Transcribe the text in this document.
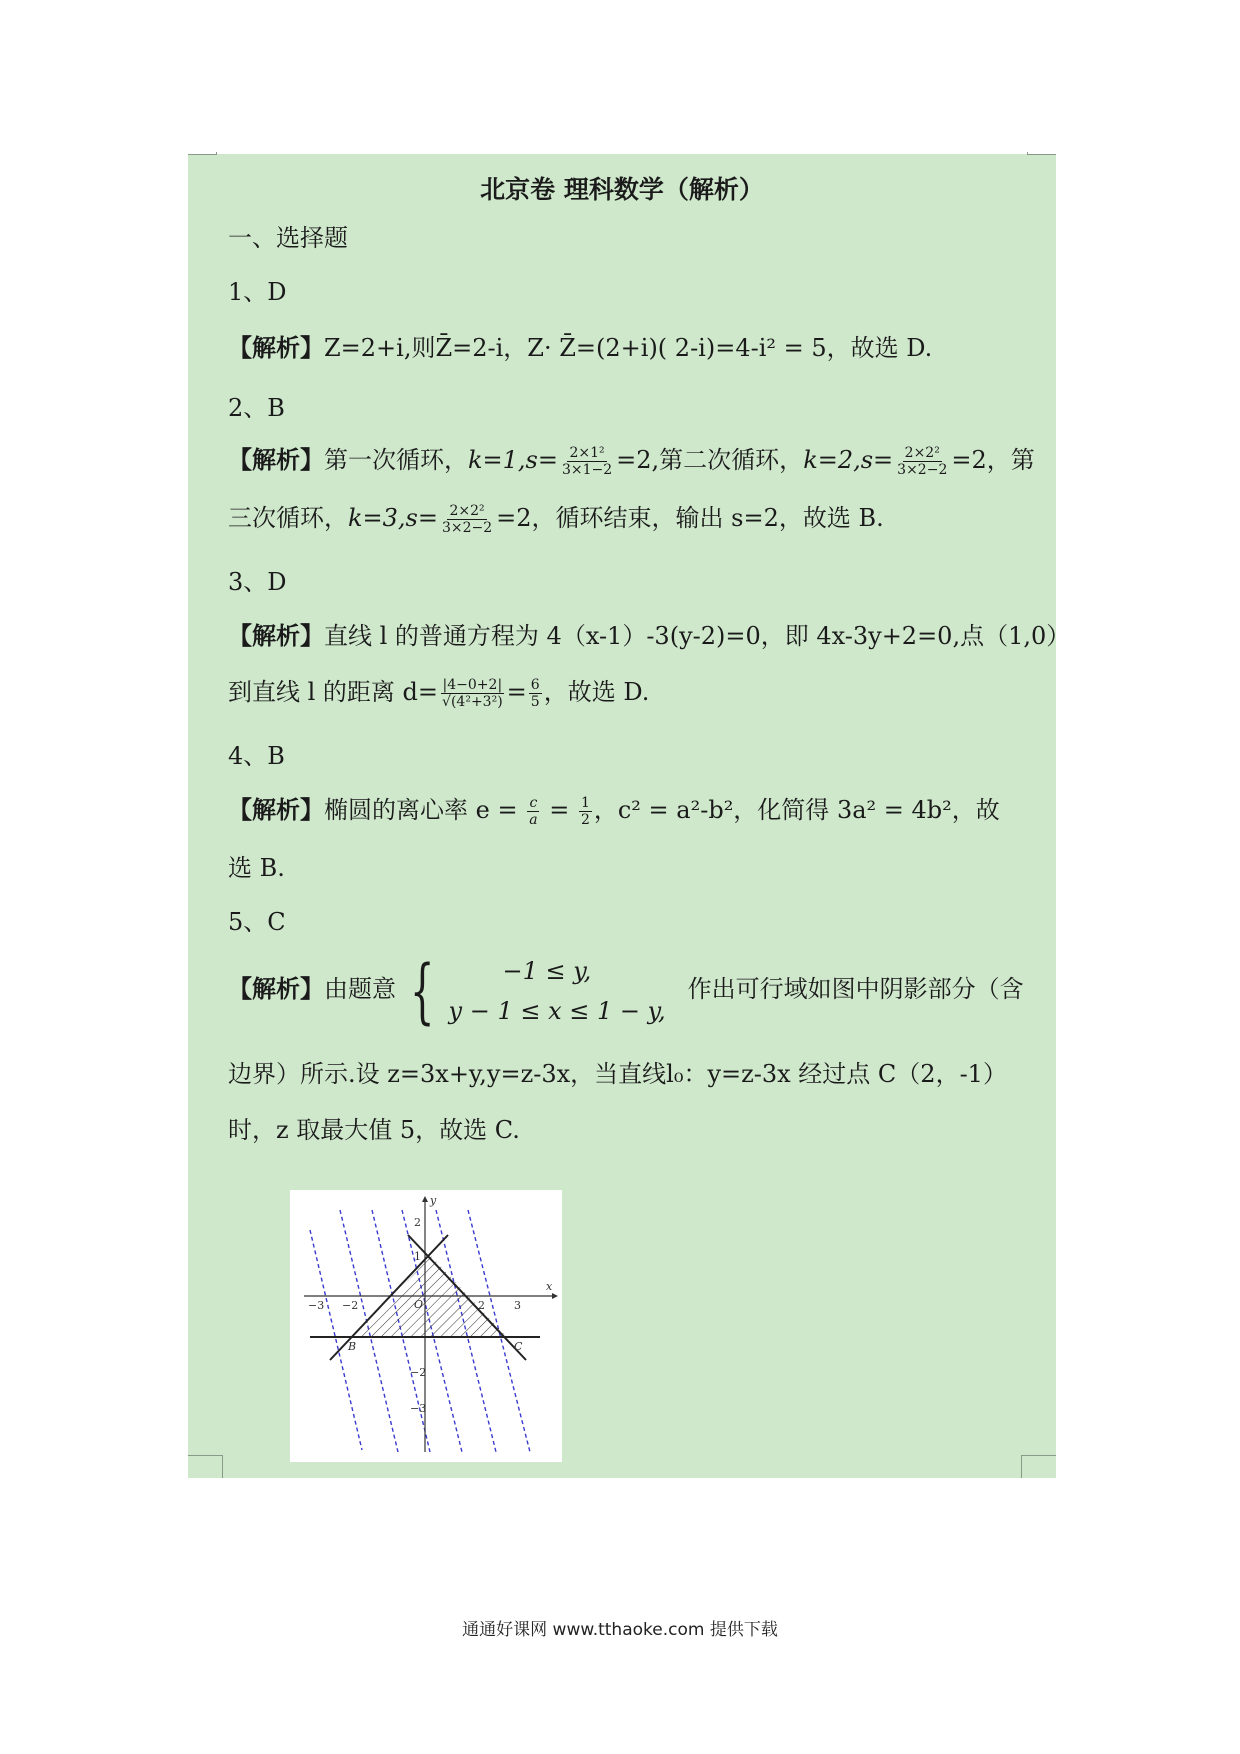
北京卷 理科数学（解析）
一、选择题
1、D
【解析】Z=2+i,则Z̄=2-i，Z· Z̄=(2+i)( 2-i)=4-i² = 5，故选 D.
2、B
【解析】第一次循环，$k=1,s= \frac{\text{2×1²}}{3\times 1-2} =2$,第二次循环，$k=2,s= \frac{\text{2×2²}}{3\times 2-2} =2$，第
三次循环，$k=3,s= \frac{\text{2×2²}}{3\times 2-2} =2$，循环结束，输出 s=2，故选 B.
3、D
【解析】直线 l 的普通方程为 4（x-1）-3(y-2)=0，即 4x-3y+2=0,点（1,0）
到直线 l 的距离 $d= \frac{|4-0+2|}{\text{√(4²+3²)}} = \frac{6}{5}$ ，故选 D.
4、B
【解析】椭圆的离心率 $e = \frac{c}{a} = \frac{1}{2}$ ，c² = a²-b²，化简得 3a² = 4b²，故
选 B.
5、C
【解析】由题意 {	−1 ≤ y,
y − 1 ≤ x ≤ 1 − y,
作出可行域如图中阴影部分（含
边界）所示.设 z=3x+y,y=z-3x，当直线l₀：y=z-3x 经过点 C（2，-1）
时，z 取最大值 5，故选 C.
x
y
−3 −2	2	3
2
1
−2
−3
O
B	C
通通好课网 www.tthaoke.com 提供下载
